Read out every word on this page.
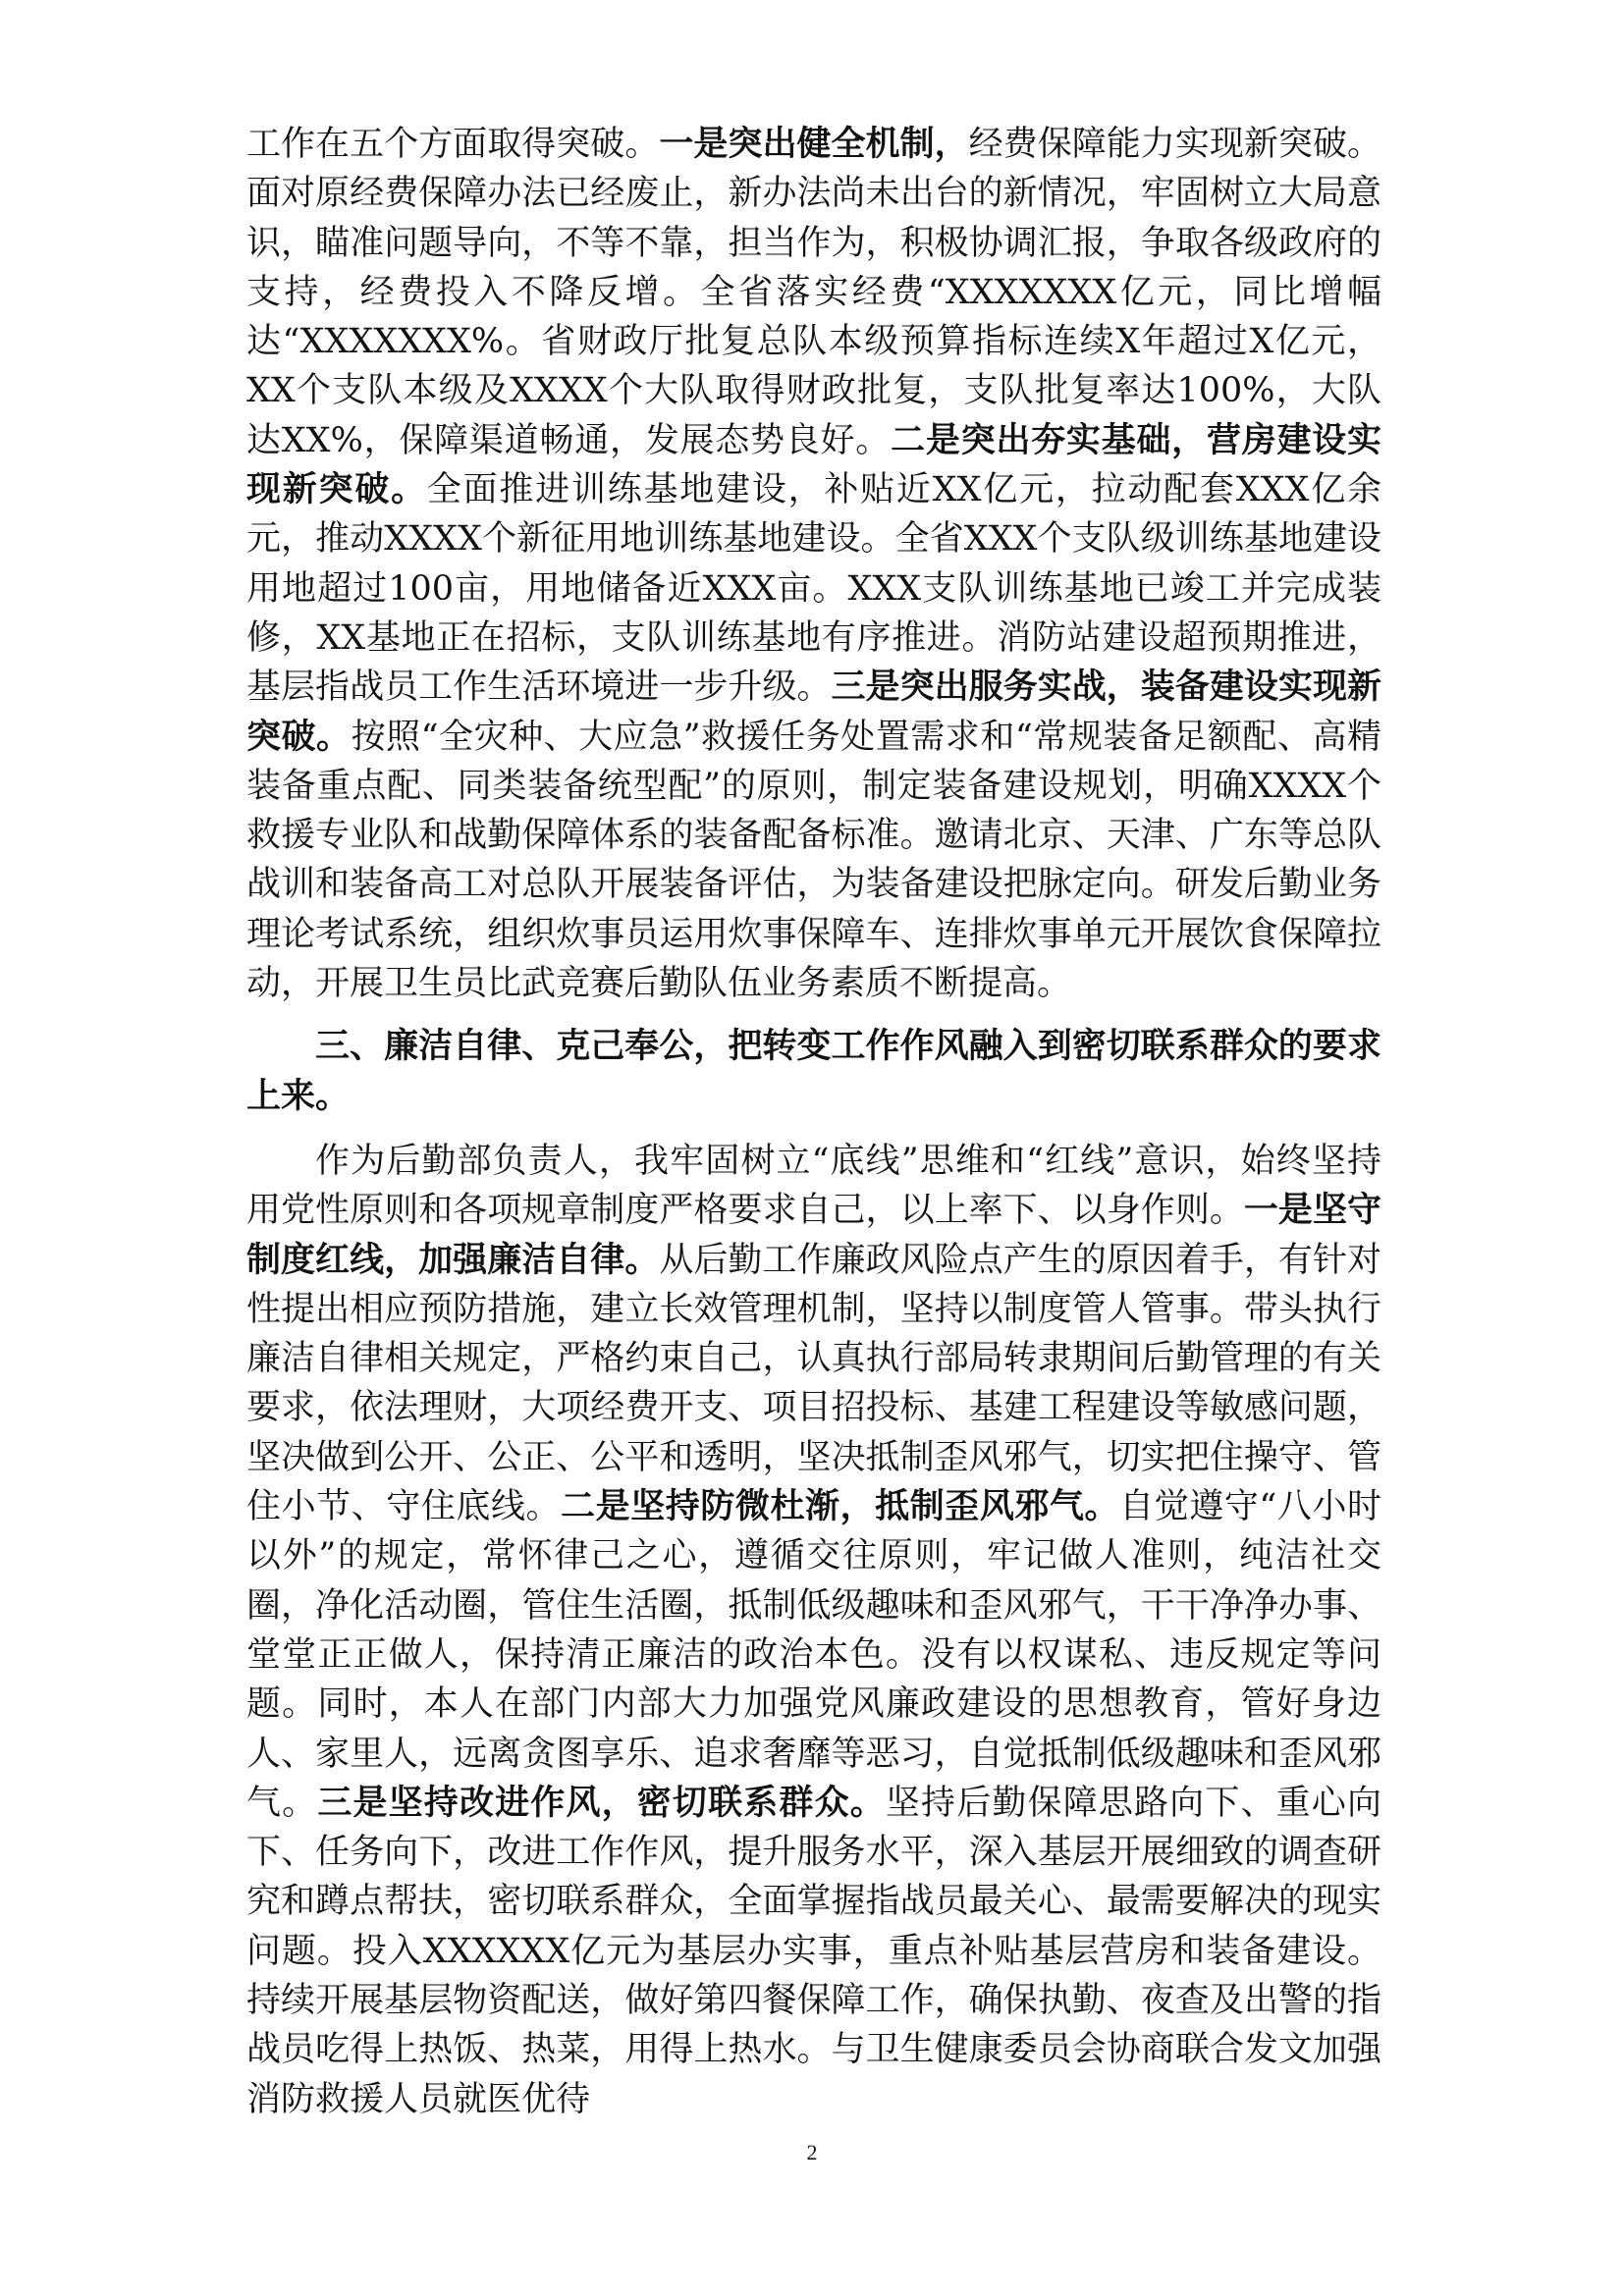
工作在五个方面取得突破。一是突出健全机制，经费保障能力实现新突破。面对原经费保障办法已经废止，新办法尚未出台的新情况，牢固树立大局意识，瞄准问题导向，不等不靠，担当作为，积极协调汇报，争取各级政府的支持，经费投入不降反增。全省落实经费“XXXXXXX亿元，同比增幅达“XXXXXXX%。省财政厅批复总队本级预算指标连续X年超过X亿元，XX个支队本级及XXXX个大队取得财政批复，支队批复率达100%，大队达XX%，保障渠道畅通，发展态势良好。二是突出夯实基础，营房建设实现新突破。全面推进训练基地建设，补贴近XX亿元，拉动配套XXX亿余元，推动XXXX个新征用地训练基地建设。全省XXX个支队级训练基地建设用地超过100亩，用地储备近XXX亩。XXX支队训练基地已竣工并完成装修，XX基地正在招标，支队训练基地有序推进。消防站建设超预期推进，基层指战员工作生活环境进一步升级。三是突出服务实战，装备建设实现新突破。按照“全灾种、大应急”救援任务处置需求和“常规装备足额配、高精装备重点配、同类装备统型配”的原则，制定装备建设规划，明确XXXX个救援专业队和战勤保障体系的装备配备标准。邀请北京、天津、广东等总队战训和装备高工对总队开展装备评估，为装备建设把脉定向。研发后勤业务理论考试系统，组织炊事员运用炊事保障车、连排炊事单元开展饮食保障拉动，开展卫生员比武竞赛后勤队伍业务素质不断提高。

三、廉洁自律、克己奉公，把转变工作作风融入到密切联系群众的要求上来。

作为后勤部负责人，我牢固树立“底线”思维和“红线”意识，始终坚持用党性原则和各项规章制度严格要求自己，以上率下、以身作则。一是坚守制度红线，加强廉洁自律。从后勤工作廉政风险点产生的原因着手，有针对性提出相应预防措施，建立长效管理机制，坚持以制度管人管事。带头执行廉洁自律相关规定，严格约束自己，认真执行部局转隶期间后勤管理的有关要求，依法理财，大项经费开支、项目招投标、基建工程建设等敏感问题，坚决做到公开、公正、公平和透明，坚决抵制歪风邪气，切实把住操守、管住小节、守住底线。二是坚持防微杜渐，抵制歪风邪气。自觉遵守“八小时以外”的规定，常怀律己之心，遵循交往原则，牢记做人准则，纯洁社交圈，净化活动圈，管住生活圈，抵制低级趣味和歪风邪气，干干净净办事、堂堂正正做人，保持清正廉洁的政治本色。没有以权谋私、违反规定等问题。同时，本人在部门内部大力加强党风廉政建设的思想教育，管好身边人、家里人，远离贪图享乐、追求奢靡等恶习，自觉抵制低级趣味和歪风邪气。三是坚持改进作风，密切联系群众。坚持后勤保障思路向下、重心向下、任务向下，改进工作作风，提升服务水平，深入基层开展细致的调查研究和蹲点帮扶，密切联系群众，全面掌握指战员最关心、最需要解决的现实问题。投入XXXXXX亿元为基层办实事，重点补贴基层营房和装备建设。持续开展基层物资配送，做好第四餐保障工作，确保执勤、夜查及出警的指战员吃得上热饭、热菜，用得上热水。与卫生健康委员会协商联合发文加强消防救援人员就医优待

2
